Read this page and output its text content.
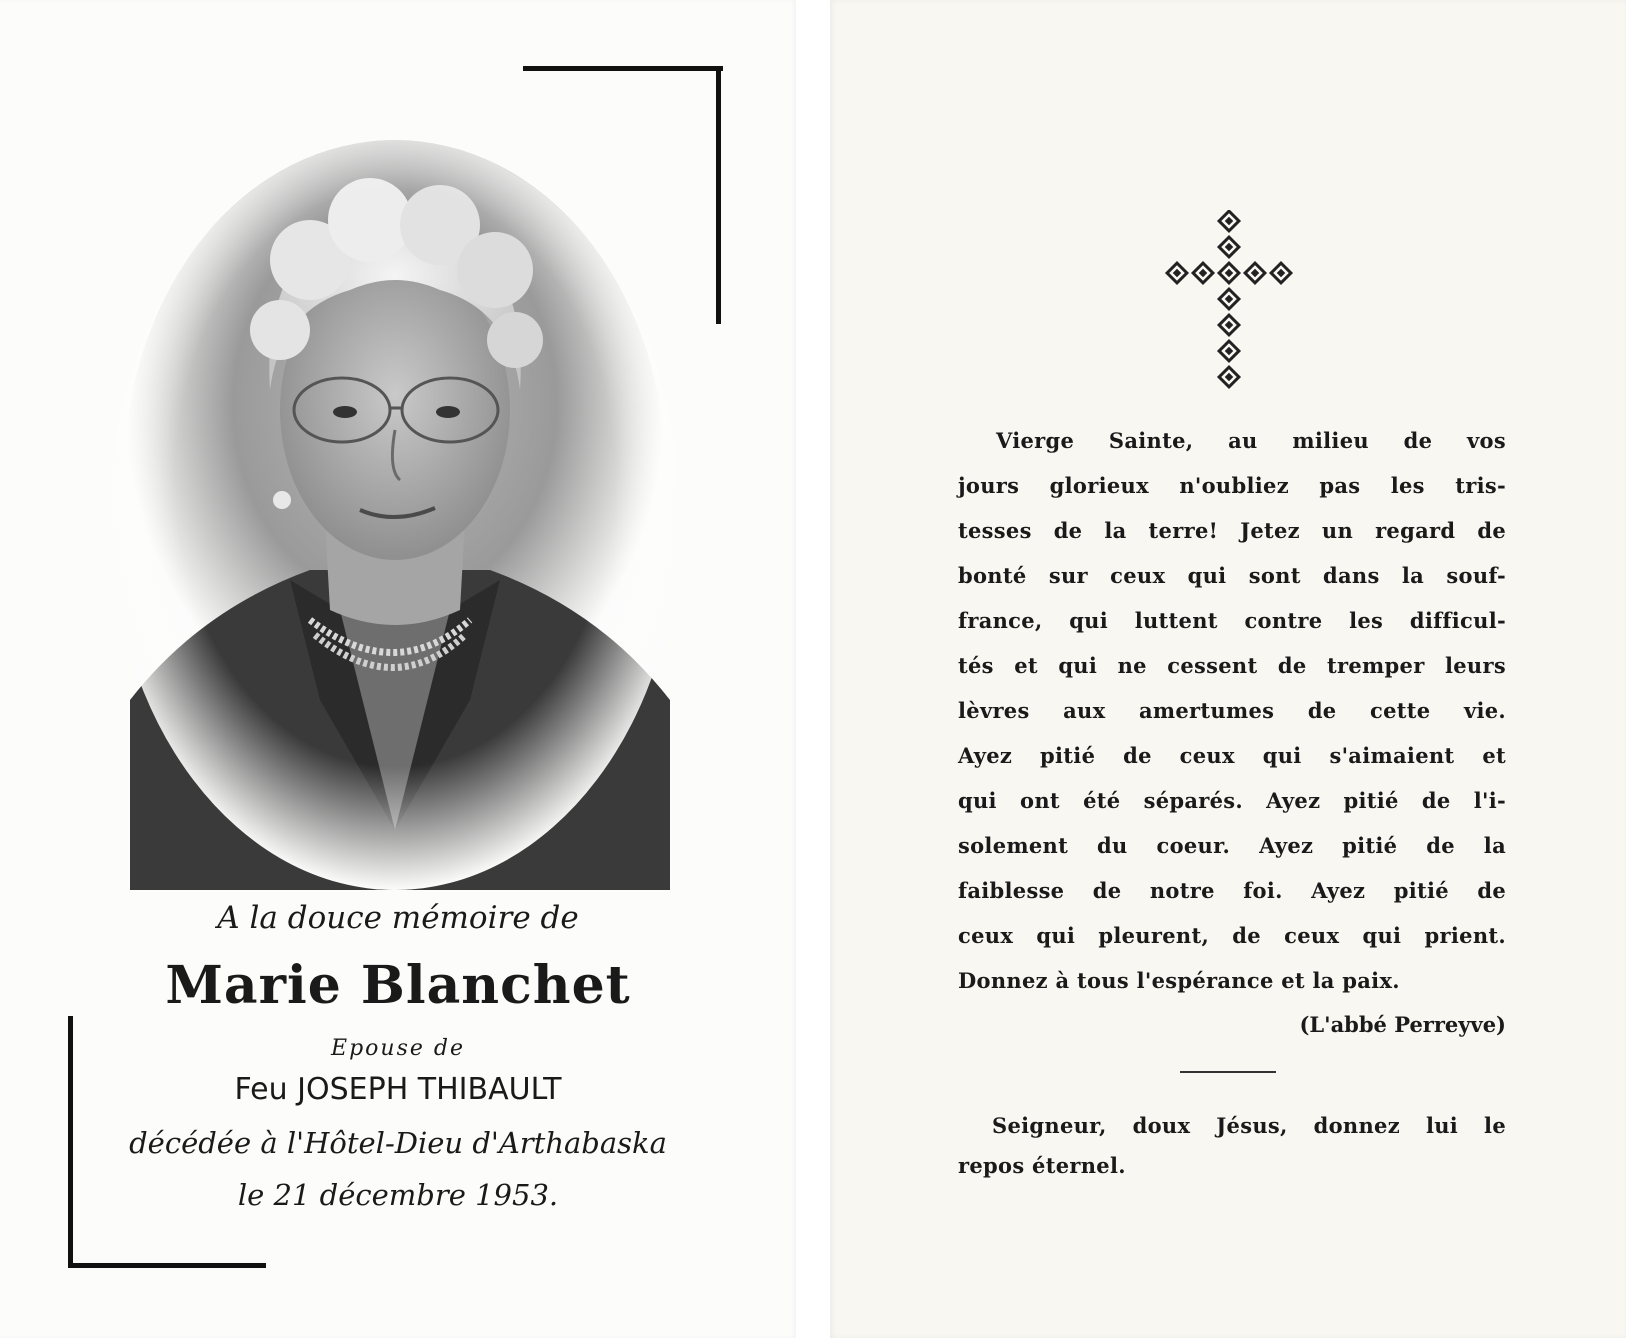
A la douce mémoire de

Marie Blanchet

Epouse de

Feu JOSEPH THIBAULT

décédée à l'Hôtel-Dieu d'Arthabaska

le 21 décembre 1953.

Vierge Sainte, au milieu de vos
jours glorieux n'oubliez pas les tris-
tesses de la terre! Jetez un regard de
bonté sur ceux qui sont dans la souf-
france, qui luttent contre les difficul-
tés et qui ne cessent de tremper leurs
lèvres aux amertumes de cette vie.
Ayez pitié de ceux qui s'aimaient et
qui ont été séparés. Ayez pitié de l'i-
solement du coeur. Ayez pitié de la
faiblesse de notre foi. Ayez pitié de
ceux qui pleurent, de ceux qui prient.
Donnez à tous l'espérance et la paix.
(L'abbé Perreyve)
Seigneur, doux Jésus, donnez lui le
repos éternel.
